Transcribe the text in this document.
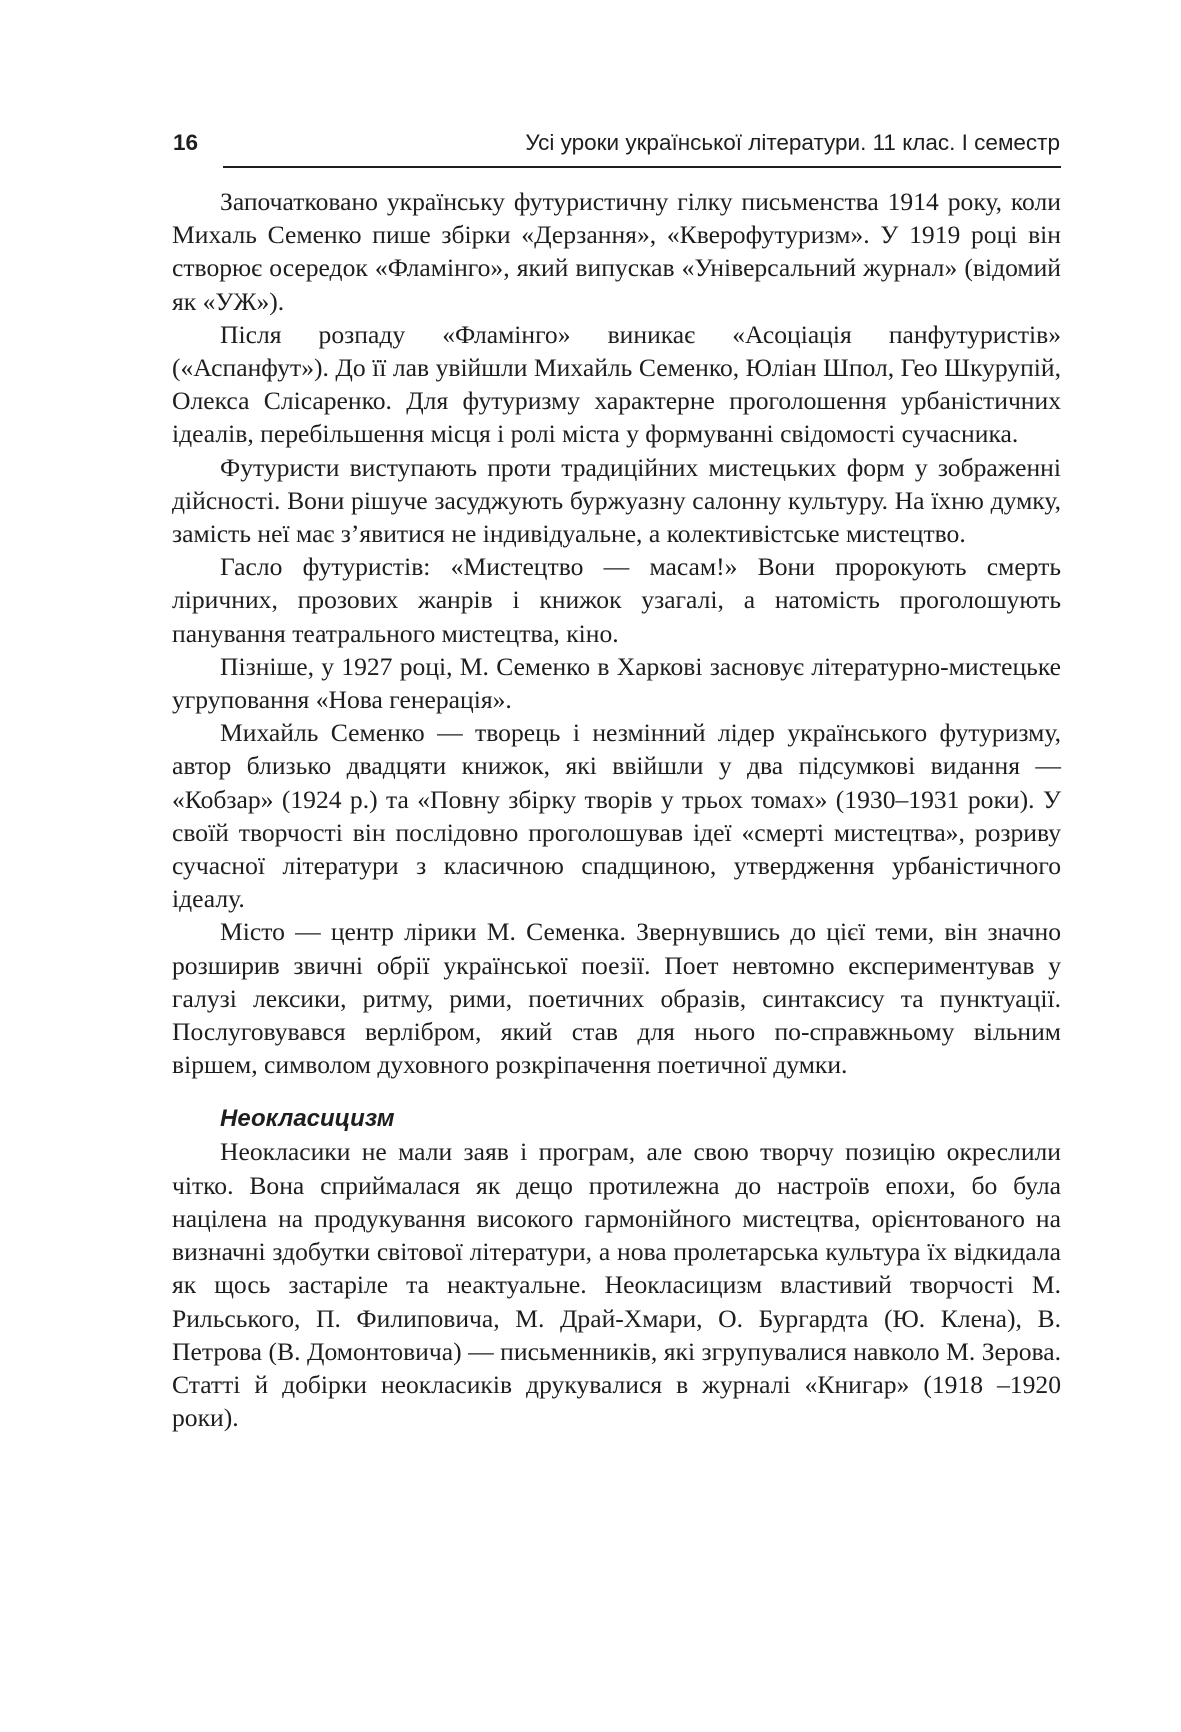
16	Усі уроки української літератури. 11 клас. І семестр

Започатковано українську футуристичну гілку письменства 1914 року, коли Михаль Семенко пише збірки «Дерзання», «Кверофутуризм». У 1919 році він створює осередок «Фламінго», який випускав «Універсальний журнал» (відомий як «УЖ»).

Після розпаду «Фламінго» виникає «Асоціація панфутуристів» («Аспанфут»). До її лав увійшли Михайль Семенко, Юліан Шпол, Гео Шкурупій, Олекса Слісаренко. Для футуризму характерне проголошення урбаністичних ідеалів, перебільшення місця і ролі міста у формуванні свідомості сучасника.

Футуристи виступають проти традиційних мистецьких форм у зображенні дійсності. Вони рішуче засуджують буржуазну салонну культуру. На їхню думку, замість неї має з’явитися не індивідуальне, а колективістське мистецтво.

Гасло футуристів: «Мистецтво — масам!» Вони пророкують смерть ліричних, прозових жанрів і книжок узагалі, а натомість проголошують панування театрального мистецтва, кіно.

Пізніше, у 1927 році, М. Семенко в Харкові засновує літературно-мистецьке угруповання «Нова генерація».

Михайль Семенко — творець і незмінний лідер українського футуризму, автор близько двадцяти книжок, які ввійшли у два підсумкові видання — «Кобзар» (1924 р.) та «Повну збірку творів у трьох томах» (1930–1931 роки). У своїй творчості він послідовно проголошував ідеї «смерті мистецтва», розриву сучасної літератури з класичною спадщиною, утвердження урбаністичного ідеалу.

Місто — центр лірики М. Семенка. Звернувшись до цієї теми, він значно розширив звичні обрії української поезії. Поет невтомно експериментував у галузі лексики, ритму, рими, поетичних образів, синтаксису та пунктуації. Послуговувався верлібром, який став для нього по-справжньому вільним віршем, символом духовного розкріпачення поетичної думки.

Неокласицизм

Неокласики не мали заяв і програм, але свою творчу позицію окреслили чітко. Вона сприймалася як дещо протилежна до настроїв епохи, бо була націлена на продукування високого гармонійного мистецтва, орієнтованого на визначні здобутки світової літератури, а нова пролетарська культура їх відкидала як щось застаріле та неактуальне. Неокласицизм властивий творчості М. Рильського, П. Филиповича, М. Драй-Хмари, О. Бургардта (Ю. Клена), В. Петрова (В. Домонтовича) — письменників, які згрупувалися навколо М. Зерова. Статті й добірки неокласиків друкувалися в журналі «Книгар» (1918 –1920 роки).
